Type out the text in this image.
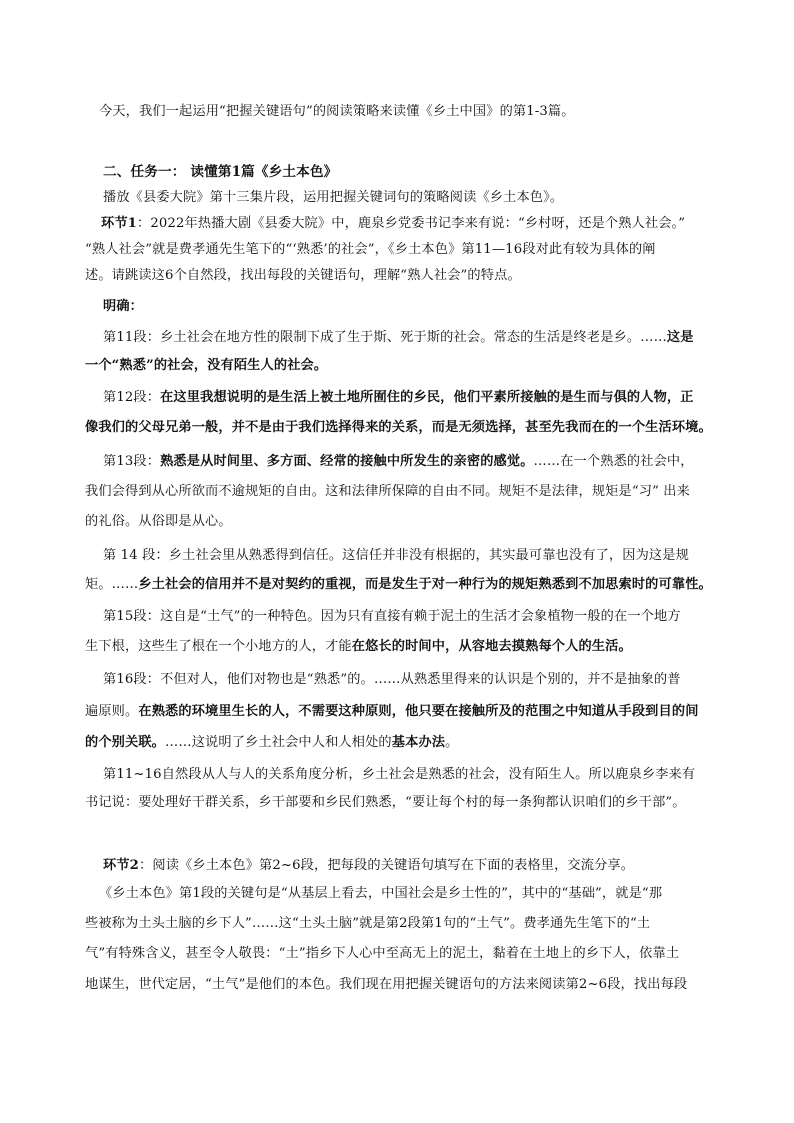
今天，我们一起运用“把握关键语句”的阅读策略来读懂《乡土中国》的第1-3篇。
二、任务一： 读懂第1篇《乡土本色》
播放《县委大院》第十三集片段，运用把握关键词句的策略阅读《乡土本色》。
环节1：2022年热播大剧《县委大院》中，鹿泉乡党委书记李来有说：“乡村呀，还是个熟人社会。”
“熟人社会”就是费孝通先生笔下的“‘熟悉’的社会”，《乡土本色》第11—16段对此有较为具体的阐
述。请跳读这6个自然段，找出每段的关键语句，理解“熟人社会”的特点。
明确：
第11段：乡土社会在地方性的限制下成了生于斯、死于斯的社会。常态的生活是终老是乡。……这是
一个“熟悉”的社会，没有陌生人的社会。
第12段：在这里我想说明的是生活上被土地所囿住的乡民，他们平素所接触的是生而与俱的人物，正
像我们的父母兄弟一般，并不是由于我们选择得来的关系，而是无须选择，甚至先我而在的一个生活环境。
第13段：熟悉是从时间里、多方面、经常的接触中所发生的亲密的感觉。……在一个熟悉的社会中，
我们会得到从心所欲而不逾规矩的自由。这和法律所保障的自由不同。规矩不是法律，规矩是“习” 出来
的礼俗。从俗即是从心。
第 14 段：乡土社会里从熟悉得到信任。这信任并非没有根据的，其实最可靠也没有了，因为这是规
矩。……乡土社会的信用并不是对契约的重视，而是发生于对一种行为的规矩熟悉到不加思索时的可靠性。
第15段：这自是“土气”的一种特色。因为只有直接有赖于泥土的生活才会象植物一般的在一个地方
生下根，这些生了根在一个小地方的人，才能在悠长的时间中，从容地去摸熟每个人的生活。
第16段：不但对人，他们对物也是“熟悉”的。……从熟悉里得来的认识是个别的，并不是抽象的普
遍原则。在熟悉的环境里生长的人，不需要这种原则，他只要在接触所及的范围之中知道从手段到目的间
的个别关联。……这说明了乡土社会中人和人相处的基本办法。
第11~16自然段从人与人的关系角度分析，乡土社会是熟悉的社会，没有陌生人。所以鹿泉乡李来有
书记说：要处理好干群关系，乡干部要和乡民们熟悉，“要让每个村的每一条狗都认识咱们的乡干部”。
环节2：阅读《乡土本色》第2~6段，把每段的关键语句填写在下面的表格里，交流分享。
《乡土本色》第1段的关键句是“从基层上看去，中国社会是乡土性的”，其中的“基础”，就是“那
些被称为土头土脑的乡下人”……这“土头土脑”就是第2段第1句的“土气”。费孝通先生笔下的“土
气”有特殊含义，甚至令人敬畏：“土”指乡下人心中至高无上的泥土，黏着在土地上的乡下人，依靠土
地谋生，世代定居，“土气”是他们的本色。我们现在用把握关键语句的方法来阅读第2~6段，找出每段
